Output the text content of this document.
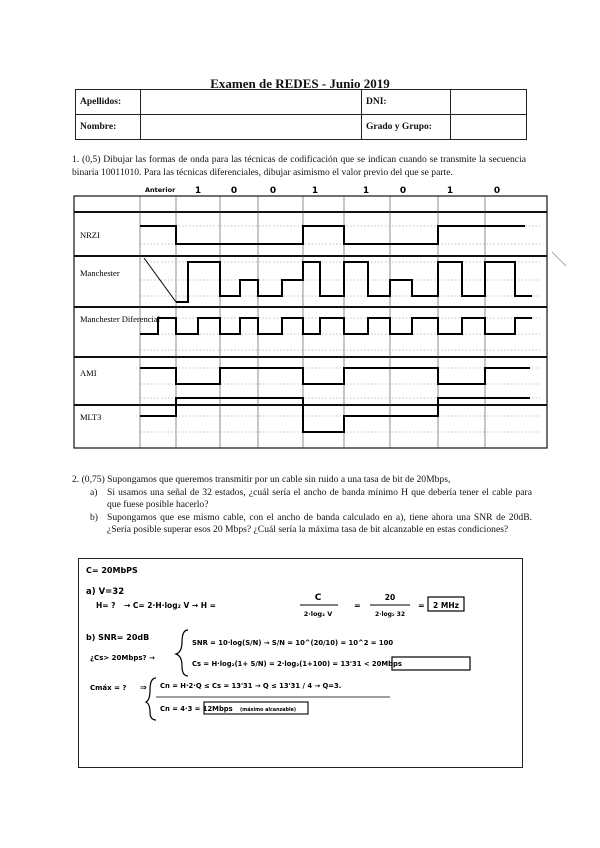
Examen de REDES - Junio 2019
Apellidos:		DNI:	
Nombre:		Grado y Grupo:	
1. (0,5) Dibujar las formas de onda para las técnicas de codificación que se indican cuando se transmite la secuencia binaria 10011010. Para las técnicas diferenciales, dibujar asimismo el valor previo del que se parte.
Anterior 1	0	0	1	1	0	1	0
NRZI
Manchester
Manchester Diferencial
AMI
MLT3
2. (0,75) Supongamos que queremos transmitir por un cable sin ruido a una tasa de bit de 20Mbps,
a) Si usamos una señal de 32 estados, ¿cuál sería el ancho de banda mínimo H que debería tener el cable para que fuese posible hacerlo?
b) Supongamos que ese mismo cable, con el ancho de banda calculado en a), tiene ahora una SNR de 20dB. ¿Sería posible superar esos 20 Mbps? ¿Cuál sería la máxima tasa de bit alcanzable en estas condiciones?
C= 20MbPS
a) V=32
H= ? → C= 2·H·log₂ V → H =
C
2·log₂ V
=
20
2·log₂ 32
= 2 MHz
b) SNR= 20dB
¿Cs> 20Mbps? →
SNR = 10·log(S/N) → S/N = 10^(20/10) = 10^2 = 100
Cs = H·log₂(1+ S/N) = 2·log₂(1+100) = 13'31 < 20Mbps
Cmáx = ? ⇒ Cn = H·2·Q ≤ Cs = 13'31 → Q ≤ 13'31 / 4 → Q=3.
Cn = 4·3 = 12Mbps (máximo alcanzable)
